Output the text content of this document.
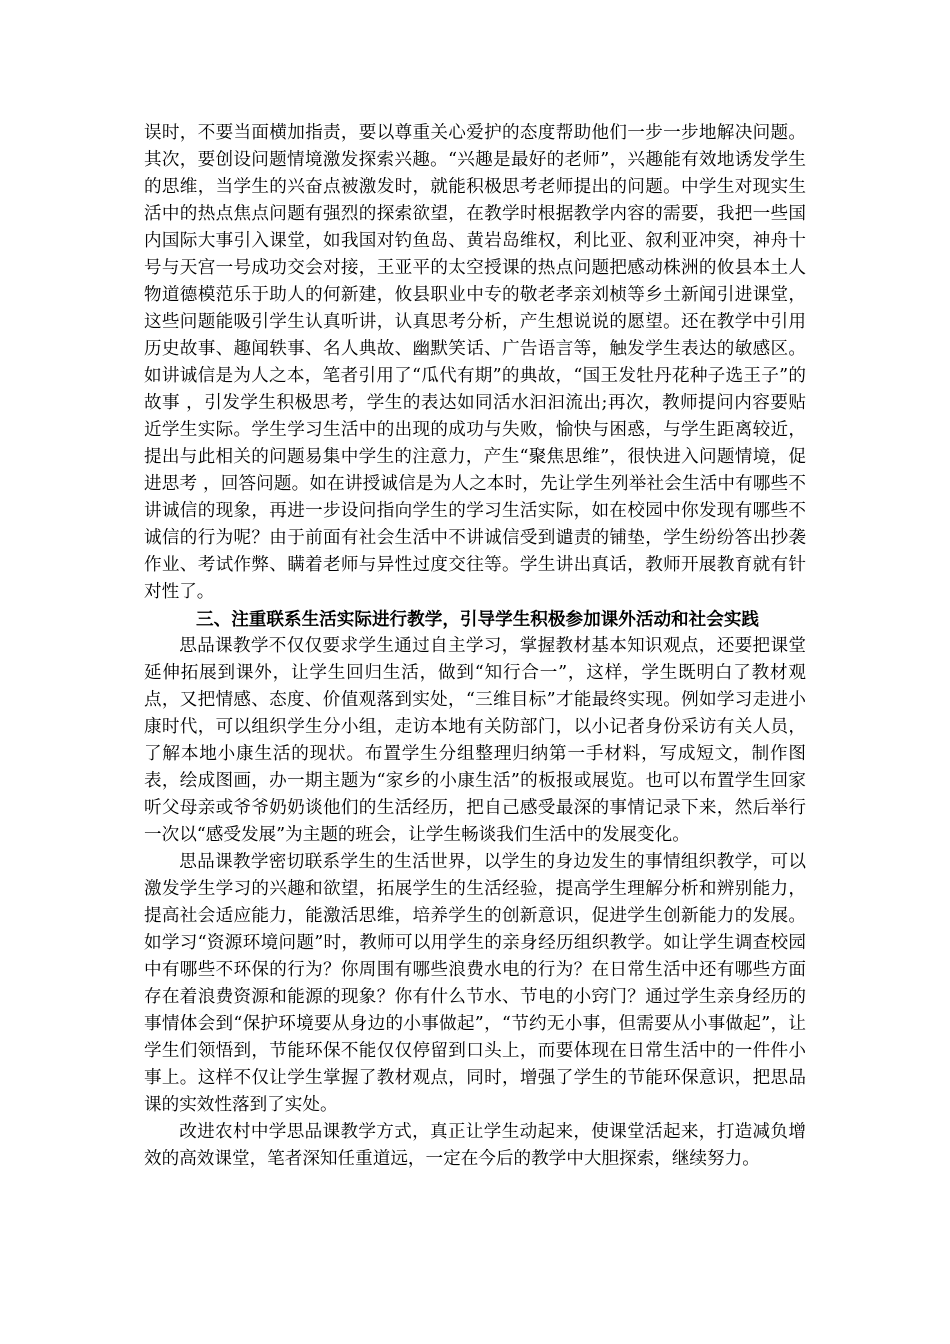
误时，不要当面横加指责，要以尊重关心爱护的态度帮助他们一步一步地解决问题。其次，要创设问题情境激发探索兴趣。“兴趣是最好的老师”，兴趣能有效地诱发学生的思维，当学生的兴奋点被激发时，就能积极思考老师提出的问题。中学生对现实生活中的热点焦点问题有强烈的探索欲望，在教学时根据教学内容的需要，我把一些国内国际大事引入课堂，如我国对钓鱼岛、黄岩岛维权，利比亚、叙利亚冲突，神舟十号与天宫一号成功交会对接，王亚平的太空授课的热点问题把感动株洲的攸县本土人物道德模范乐于助人的何新建，攸县职业中专的敬老孝亲刘桢等乡土新闻引进课堂，这些问题能吸引学生认真听讲，认真思考分析，产生想说说的愿望。还在教学中引用历史故事、趣闻轶事、名人典故、幽默笑话、广告语言等，触发学生表达的敏感区。如讲诚信是为人之本，笔者引用了“瓜代有期”的典故，“国王发牡丹花种子选王子”的故事 ，引发学生积极思考，学生的表达如同活水汩汩流出;再次，教师提问内容要贴近学生实际。学生学习生活中的出现的成功与失败，愉快与困惑，与学生距离较近，提出与此相关的问题易集中学生的注意力，产生“聚焦思维”，很快进入问题情境，促进思考 ，回答问题。如在讲授诚信是为人之本时，先让学生列举社会生活中有哪些不讲诚信的现象，再进一步设问指向学生的学习生活实际，如在校园中你发现有哪些不诚信的行为呢？由于前面有社会生活中不讲诚信受到谴责的铺垫，学生纷纷答出抄袭作业、考试作弊、瞒着老师与异性过度交往等。学生讲出真话，教师开展教育就有针对性了。

三、注重联系生活实际进行教学，引导学生积极参加课外活动和社会实践

思品课教学不仅仅要求学生通过自主学习，掌握教材基本知识观点，还要把课堂延伸拓展到课外，让学生回归生活，做到“知行合一”，这样，学生既明白了教材观点，又把情感、态度、价值观落到实处，“三维目标”才能最终实现。例如学习走进小康时代，可以组织学生分小组，走访本地有关防部门，以小记者身份采访有关人员，了解本地小康生活的现状。布置学生分组整理归纳第一手材料，写成短文，制作图表，绘成图画，办一期主题为“家乡的小康生活”的板报或展览。也可以布置学生回家听父母亲或爷爷奶奶谈他们的生活经历，把自己感受最深的事情记录下来，然后举行一次以“感受发展”为主题的班会，让学生畅谈我们生活中的发展变化。

思品课教学密切联系学生的生活世界，以学生的身边发生的事情组织教学，可以激发学生学习的兴趣和欲望，拓展学生的生活经验，提高学生理解分析和辨别能力，提高社会适应能力，能激活思维，培养学生的创新意识，促进学生创新能力的发展。如学习“资源环境问题”时，教师可以用学生的亲身经历组织教学。如让学生调查校园中有哪些不环保的行为？你周围有哪些浪费水电的行为？在日常生活中还有哪些方面存在着浪费资源和能源的现象？你有什么节水、节电的小窍门？通过学生亲身经历的事情体会到“保护环境要从身边的小事做起”，“节约无小事，但需要从小事做起”，让学生们领悟到，节能环保不能仅仅停留到口头上，而要体现在日常生活中的一件件小事上。这样不仅让学生掌握了教材观点，同时，增强了学生的节能环保意识，把思品课的实效性落到了实处。

改进农村中学思品课教学方式，真正让学生动起来，使课堂活起来，打造减负增效的高效课堂，笔者深知任重道远，一定在今后的教学中大胆探索，继续努力。
